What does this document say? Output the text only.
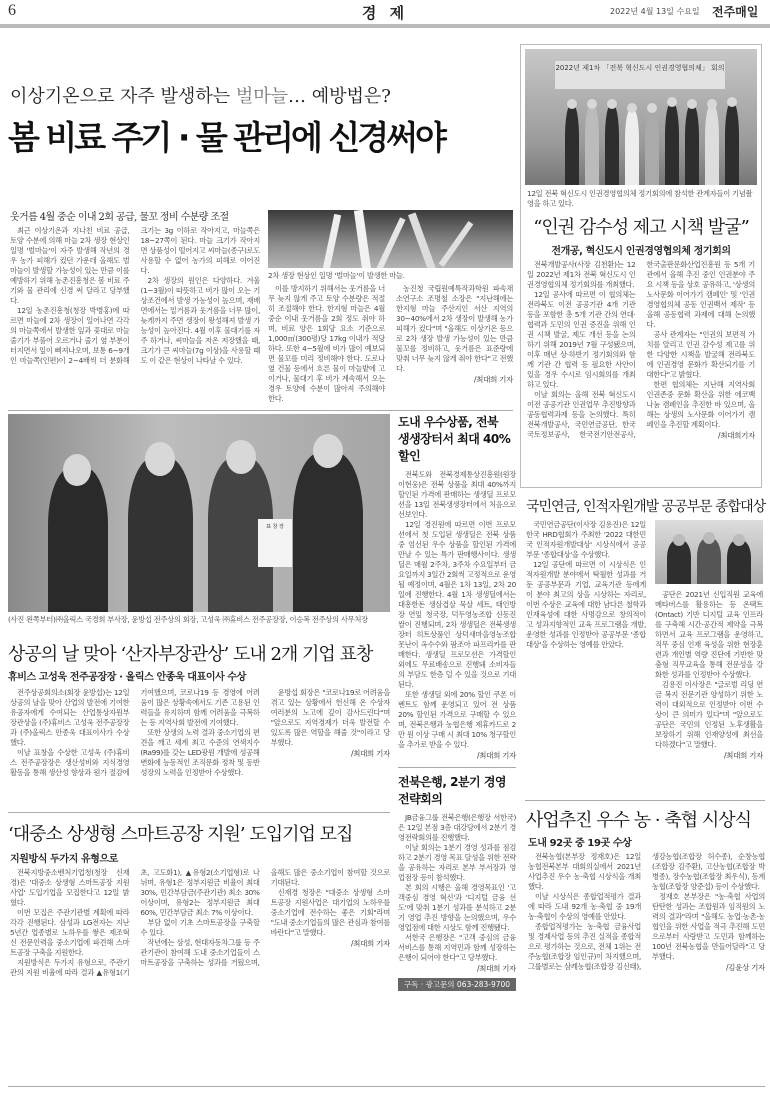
6	경 제	2022년 4월 13일 수요일 전주매일
이상기온으로 자주 발생하는 벌마늘… 예방법은?
봄 비료 주기 · 물 관리에 신경써야
웃거름 4월 중순 이내 2회 공급, 물꼬 정비 수분량 조절

최근 이상기온과 지나친 비료 공급, 토양 수분에 의해 마늘 2차 생장 현상인 일명 '벌마늘'이 자주 발생해 작년의 경우 농가 피해가 컸던 가운데 올해도 벌마늘이 발생할 가능성이 있는 만큼 이를 예방하기 위해 농촌진흥청은 봄 비료 주기와 물 관리에 신경 써 달라고 당부했다.

12일 농촌진흥청(청장 박병홍)에 따르면 마늘에 2차 생장이 일어나면 각각의 마늘쪽에서 발생한 잎과 꽃대로 마늘 줄기가 부풀어 오르거나 줄기 옆 부분이 터지면서 잎이 삐져나오며, 보통 6~9개인 마늘쪽(인편)이 2~4배씩 더 분화해 크기는 3g 이하로 작아지고, 마늘쪽은 18~27쪽이 된다. 마늘 크기가 작아지면 상품성이 떨어지고 씨마늘(종구)로도 사용할 수 없어 농가의 피해로 이어진다.

2차 생장의 원인은 다양하다. 겨울(1~3월)이 따뜻하고 비가 많이 오는 기상조건에서 발생 가능성이 높으며, 재배 면에서는 밑거름과 웃거름을 너무 많이, 늦게까지 주면 생장이 왕성해져 발생 가능성이 높아진다. 4월 이후 물대기를 자주 하거나, 씨마늘을 저온 저장했을 때, 크기가 큰 씨마늘(7g 이상)을 사용할 때도 이 같은 현상이 나타날 수 있다.

2차 생장 현상인 일명 '벌마늘'이 발생한 마늘.

이를 방지하기 위해서는 웃거름을 너무 늦지 않게 주고 토양 수분량은 적절히 조절해야 한다. 한지형 마늘은 4월 중순 이내 웃거름을 2회 정도 줘야 하며, 비료 양은 1회당 요소 기준으로 1,000㎡(300평)당 17kg 이내가 적당하다. 또한 4~5월에 비가 많이 예보되면 물꼬를 미리 정비해야 한다. 도로나 옆 건물 등에서 흐른 물이 마늘밭에 고이거나, 물대기 후 비가 계속해서 오는 경우 토양에 수분이 많아져 주의해야 한다.

농진청 국립원예특작과학원 파속채소연구소 조명철 소장은 "지난해에는 한지형 마늘 주산지인 서산 지역의 30~40%에서 2차 생장이 발생해 농가 피해가 컸다"며 "올해도 이상기온 등으로 2차 생장 발생 가능성이 있는 만큼 물꼬를 정비하고, 웃거름은 표준량에 맞춰 너무 늦지 않게 줘야 한다"고 전했다.

/최대희 기자
2022년 제1차 「전북 혁신도시 인권경영협의체」 회의
12일 전북 혁신도시 인권경영협의체 정기회의에 참석한 관계자들이 기념촬영을 하고 있다.
“인권 감수성 제고 시책 발굴”
전개공, 혁신도시 인권경영협의체 정기회의

전북개발공사(사장 김천환)는 12일 2022년 제1차 전북 혁신도시 인권경영협의체 정기회의를 개최했다.

12일 공사에 따르면 이 협의체는 전라북도 이전 공공기관 4개 기관 등을 포함한 총 5개 기관 간의 연대·협력과 도민의 인권 증진을 위해 인권 시책 발굴, 제도 개선 등을 논의하기 위해 2019년 7월 구성됐으며, 이후 매년 상·하반기 정기회의와 함께 기관 간 협력 등 필요한 사안이 있을 경우 수시로 임시회의를 개최하고 있다.

이날 회의는 올해 전북 혁신도시 이전 공공기관 인권업무 추진방향과 공동협력과제 등을 논의했다. 특히 전북개발공사, 국민연금공단, 한국국토정보공사, 한국전기안전공사, 한국출판문화산업진흥원 등 5개 기관에서 올해 추진 중인 인권분야 주요 시책 등을 상호 공유하고, '상생의 노사문화 이어가기 캠페인' 및 '인권경영협의체 공동 인권백서 제작' 등 올해 공동협력 과제에 대해 논의했다.

공사 관계자는 "인권의 보편적 가치를 알리고 인권 감수성 제고를 위한 다양한 시책을 발굴해 전라북도에 인권경영 문화가 확산되기를 기대한다"고 밝혔다.

한편 협의체는 지난해 지역사회 인권존중 문화 확산을 위한 에코백 나눔 캠페인을 추진한 바 있으며, 올해는 상생의 노사문화 이어가기 캠페인을 추진할 계획이다.

/최대희기자
표 창 장
(사진 왼쪽부터)㈜올릭스 국경희 부사장, 윤방섭 전주상의 회장, 고성욱 ㈜휴비스 전주공장장, 이승복 전주상의 사무처장
상공의 날 맞아 ‘산자부장관상’ 도내 2개 기업 표창
휴비스 고성욱 전주공장장 · 올릭스 안종욱 대표이사 수상

전주상공회의소(회장 윤방섭)는 12일 상공의 날을 맞아 산업의 발전에 기여한 유공자에게 수여되는 산업통상자원부 장관상을 (주)휴비스 고성욱 전주공장장과 (주)올릭스 안종욱 대표이사가 수상했다.

이날 표창을 수상한 고성욱 (주)휴비스 전주공장장은 생산성비와 지식경영 활동을 통해 생산성 향상과 원가 절감에 기여했으며, 코로나19 등 경영에 어려움이 많은 상황속에서도 기존 고용된 인력들을 유지하며 함께 어려움을 극복하는 등 지역사회 발전에 기여했다.

또한 상생의 노력 결과 중소기업의 편견을 깨고 세계 최고 수준의 연색지수(Ra99)를 갖는 LED광원 개발에 성공해 변화에 능동적인 조직문화 정착 및 동반성장의 노력을 인정받아 수상했다.

윤방섭 회장은 "코로나19로 어려움을 겪고 있는 상황에서 헌신해 온 수상자 여러분의 노고에 깊이 감사드린다"며 "앞으로도 지역경제가 더욱 발전할 수 있도록 많은 역할을 해줄 것"이라고 당부했다.

/최대희 기자
도내 우수상품, 전북
생생장터서 최대 40% 할인

전북도와 전북경제통상진흥원(원장 이현웅)은 전북 상품을 최대 40%까지 할인된 가격에 판매하는 생생딜 프로모션을 13일 전북생생장터에서 처음으로 선보인다.

12일 경진원에 따르면 이번 프로모션에서 첫 도입된 생생딜은 전북 상품 중 엄선된 우수 상품을 할인된 가격에 만날 수 있는 특가 판매행사이다. 생생딜은 매월 2주차, 3주차 수요일부터 금요일까지 3일간 2회씩 고정적으로 운영될 예정이며, 4월은 1차 13일, 2차 20일에 진행한다. 4월 1차 생생딜에서는 대흥한돈 생삼겹살 묵살 세트, 태인방장 연잎 청국장, 덕두영농조합 신동진 쌀이 진행되며, 2차 생생딜은 전북생생장터 히트상품인 상덕새마을영농조합 못난이 옥수수와 팜조아 파프리카를 판매한다. 생생딜 프로모션은 가격할인 외에도 무료배송으로 진행돼 소비자들의 부담도 한층 덜 수 있을 것으로 기대된다.

또한 생생딜 외에 20% 할인 쿠폰 이벤트도 함께 운영되고 있어 전 상품 20% 할인된 가격으로 구매할 수 있으며, 전북은행과 농협은행 제휴카드로 2만 원 이상 구매 시 최대 10% 청구할인을 추가로 받을 수 있다.

/최대희 기자
전북은행, 2분기 경영전략회의

JB금융그룹 전북은행(은행장 서한국)은 12일 본점 3층 대강당에서 2분기 경영전략회의를 진행했다.

이날 회의는 1분기 경영 성과를 점검하고 2분기 경영 목표 달성을 위한 전략을 공유하는 자리로 본부 부서장과 영업점장 등이 참석했다.

본 회의 시행은 올해 경영목표인 '고객중심 경영 혁신'과 '디지털 금융 선도'에 맞춰 1분기 성과를 분석하고 2분기 영업 추진 방향을 논의했으며, 우수 영업점에 대한 시상도 함께 진행됐다.

서한국 은행장은 "고객 중심의 금융서비스를 통해 지역민과 함께 성장하는 은행이 되어야 한다"고 당부했다.

/최대희 기자
구독 · 광고문의 063-283-9700
국민연금, 인적자원개발 공공부문 종합대상

국민연금공단(이사장 김용진)은 12일 한국 HRD협회가 주최한 '2022 대한민국 인적자원개발대상' 시상식에서 공공부문 '종합대상'을 수상했다.

12일 공단에 따르면 이 시상식은 인적자원개발 분야에서 탁월한 성과를 거둔 공공부문과 기업, 교육기관 등에게 이 분야 최고의 상을 시상하는 자리로, 이번 수상은 교육에 대한 남다른 철학과 인재육성에 대한 사명감으로 창의적이고 성과지향적인 교육 프로그램을 개발, 운영한 성과를 인정받아 공공부문 '종합대상'을 수상하는 영예를 안았다.

공단은 2021년 신입직원 교육에 메타버스를 활용하는 등 온택트(Ontact) 기반 디지털 교육 인프라를 구축해 시간·공간적 제약을 극복하면서 교육 프로그램을 운영하고, 직무 중심 인재 육성을 위한 현장훈련과 개인별 역량 진단에 기반한 맞춤형 직무교육을 통해 전문성을 강화한 성과를 인정받아 수상했다.

김용진 이사장은 "글로벌 리딩 연금 복지 전문기관 양성하기 위한 노력이 대외적으로 인정받아 이번 수상이 큰 의미가 있다"며 "앞으로도 공단은 국민의 인정된 노후생활을 보장하기 위해 인재양성에 최선을 다하겠다"고 말했다.

/최대희 기자
사업추진 우수 농 · 축협 시상식
도내 92곳 중 19곳 수상

전북농협(본부장 정재호)은 12일 농협전북본부 대회의실에서 2021년 사업추진 우수 농·축협 시상식을 개최했다.

이날 시상식은 종합업적평가 결과에 따라 도내 92개 농·축협 중 19개 농·축협이 수상의 영예를 안았다.

종합업적평가는 농·축협 금융사업 및 경제사업 등의 추진 실적을 종합적으로 평가하는 것으로, 전체 1위는 전주농협(조합장 임인규)이 차지했으며, 그룹별로는 삼례농협(조합장 김신태), 생강농협(조합장 허수종), 순창농협(조합장 김주환), 고산농협(조합장 박병종), 장수농협(조합장 최우식), 동계농협(조합장 양준섭) 등이 수상했다.

정재호 본부장은 "농·축협 사업의 탄탄한 성과는 조합원과 임직원의 노력의 결과"라며 "올해도 농업·농촌·농협인을 위한 사업을 적극 추진해 도민으로부터 사랑받고 도민과 함께하는 100년 전북농협을 만들어달라"고 당부했다.

/김윤상 기자
‘대중소 상생형 스마트공장 지원’ 도입기업 모집
지원방식 두가지 유형으로

전북지방중소벤처기업청(청장 신재경)은 '대중소 상생형 스마트공장 지원사업' 도입기업을 모집한다고 12일 밝혔다.

이번 모집은 주관기관별 계획에 따라 각각 진행된다. 삼성과 LG전자는 지난 5년간 업종별로 노하우를 쌓은 제조혁신 전문인력을 중소기업에 파견해 스마트공장 구축을 지원한다.

지원방식은 두가지 유형으로, 주관기관의 지원 비율에 따라 결과 ▲유형1(기초, 고도화1), ▲유형2(소기업형)로 나뉘며, 유형1은 정부지원금 비율이 최대 30%, 민간부담금(주관기관) 최소 30% 이상이며, 유형2는 정부지원금 최대 60%, 민간부담금 최소 7% 이상이다.

부담 없이 기초 스마트공장을 구축할 수 있다.

작년에는 삼성, 현대자동차그룹 등 주관기관이 참여해 도내 중소기업들이 스마트공장을 구축하는 성과를 거뒀으며, 올해도 많은 중소기업이 참여할 것으로 기대된다.

신재경 청장은 "대중소 상생형 스마트공장 지원사업은 대기업의 노하우를 중소기업에 전수하는 좋은 기회"라며 "도내 중소기업들의 많은 관심과 참여를 바란다"고 말했다.

/최대희 기자
